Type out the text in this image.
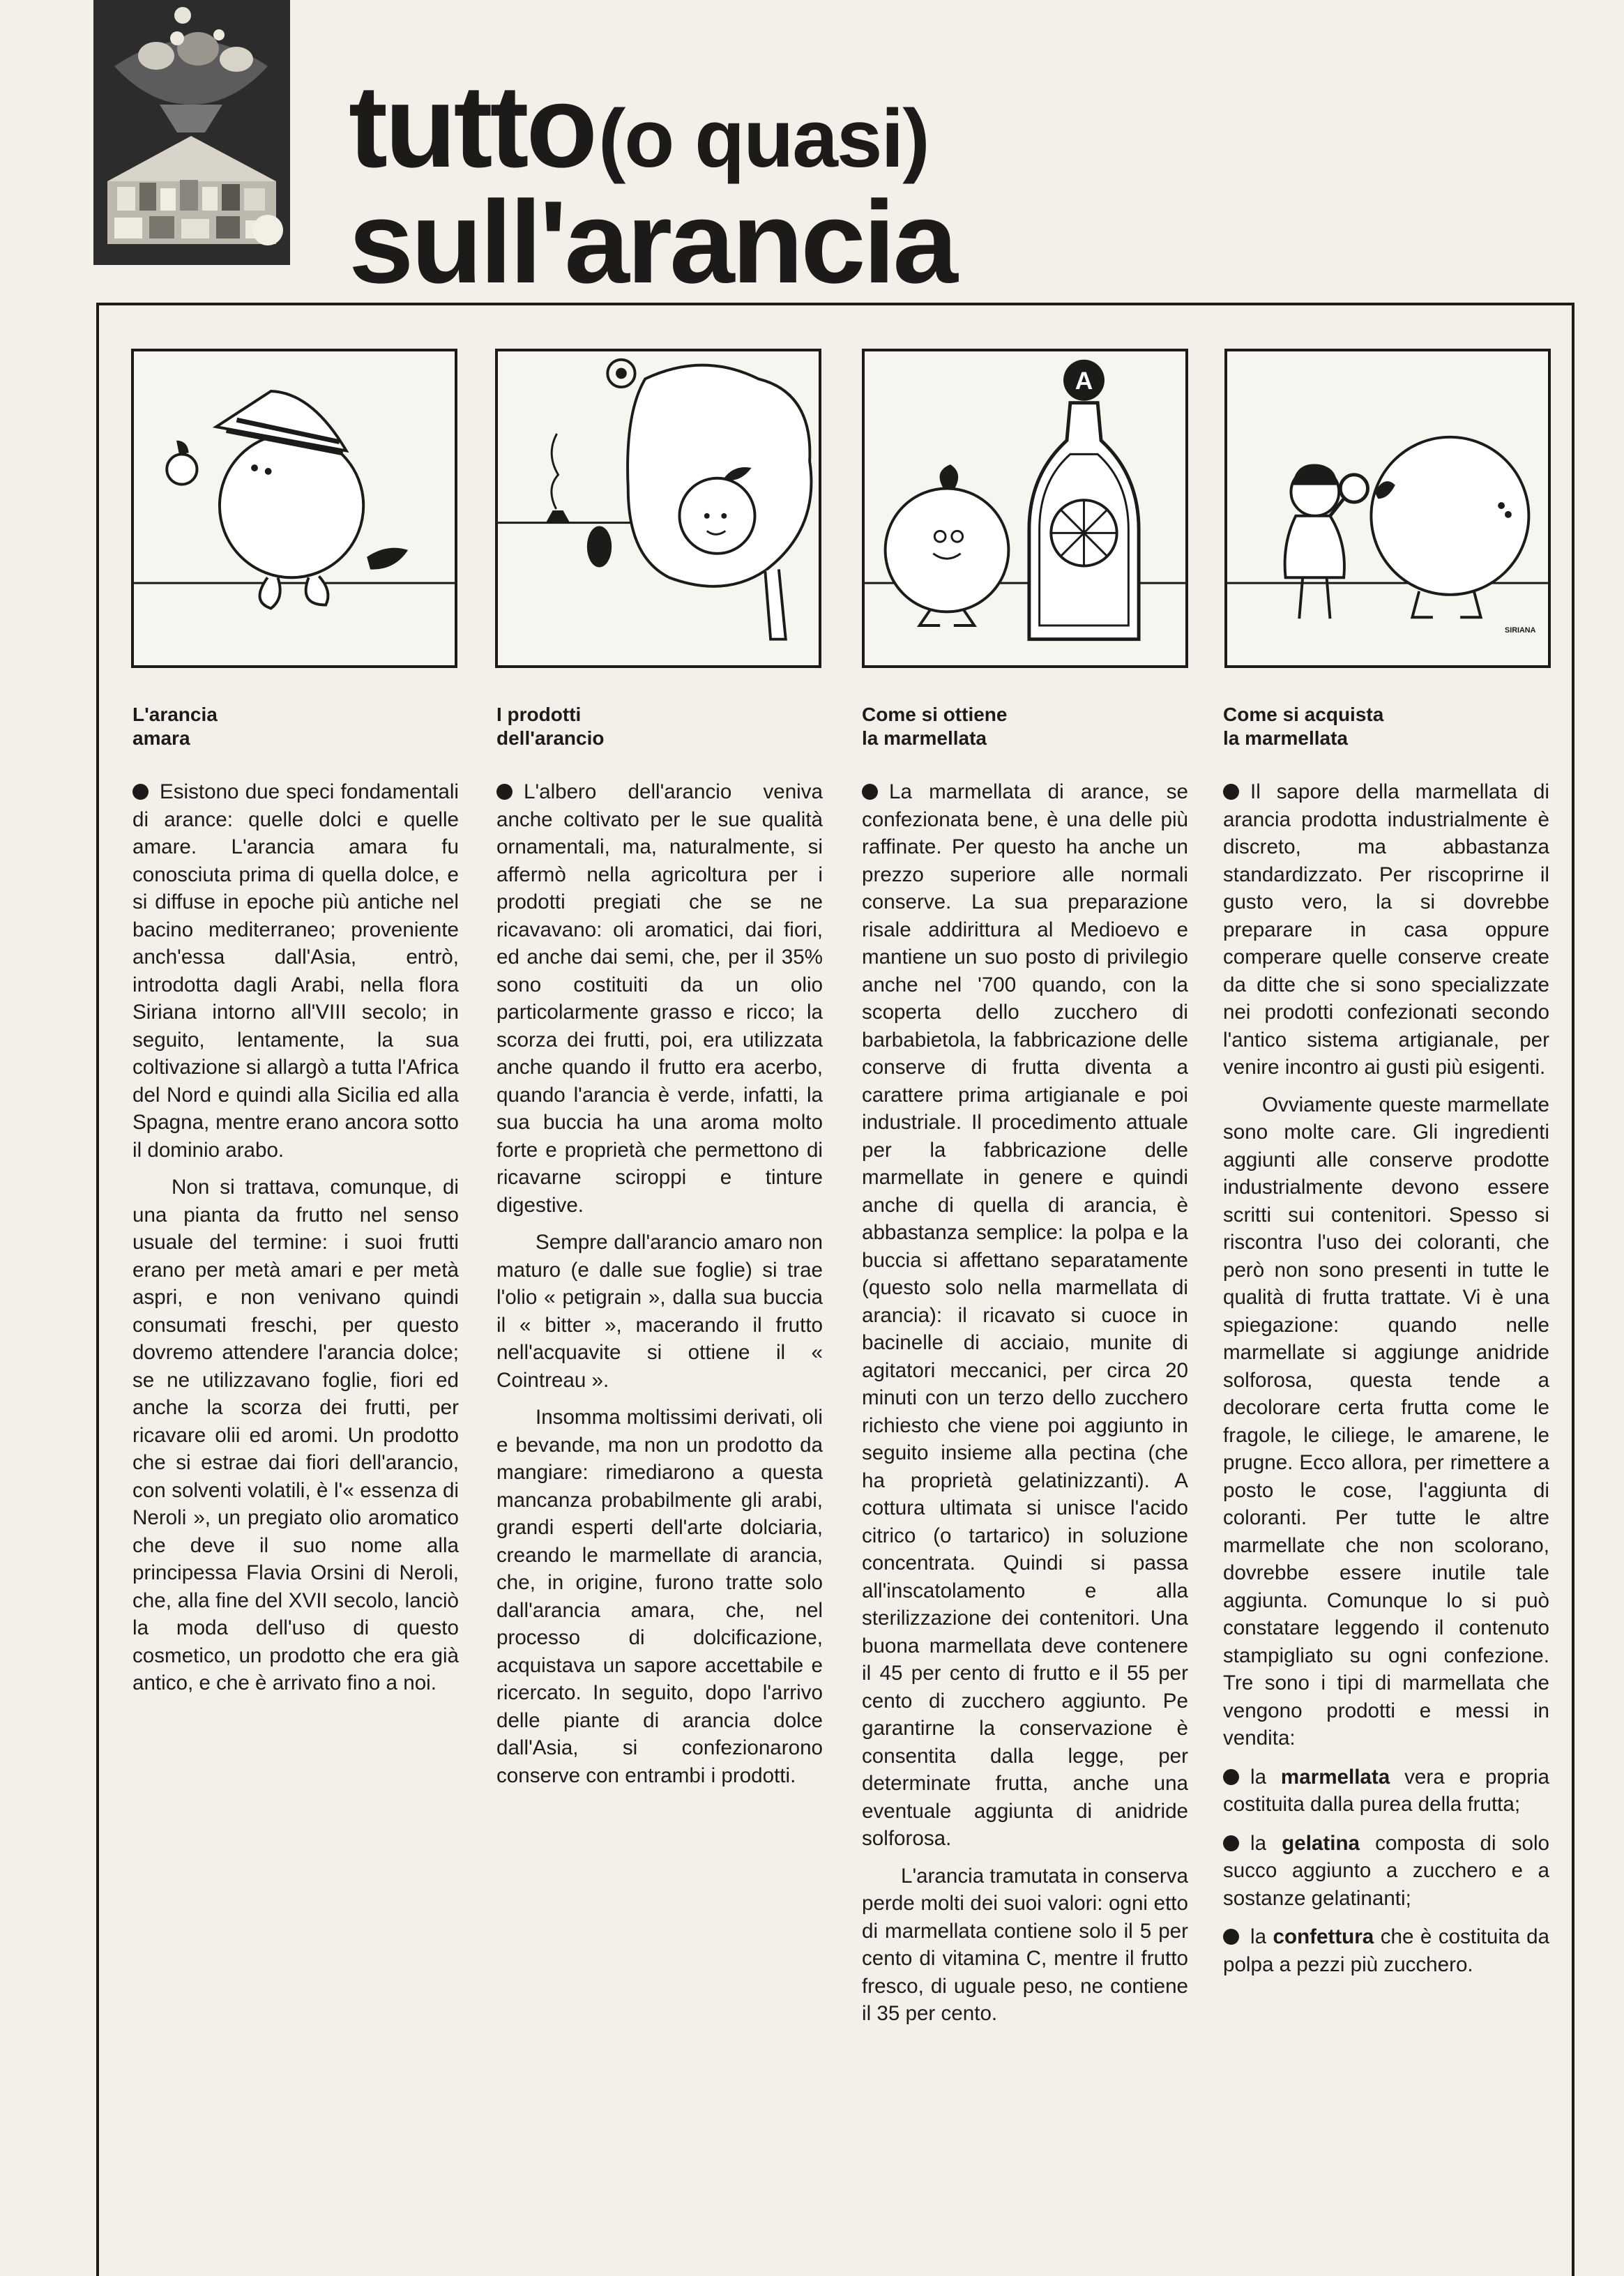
tutto (o quasi)
sull'arancia
A
SIRIANA
L'arancia
amara

Esistono due speci fondamentali di arance: quelle dolci e quelle amare. L'arancia amara fu conosciuta prima di quella dolce, e si diffuse in epoche più antiche nel bacino mediterraneo; proveniente anch'essa dall'Asia, entrò, introdotta dagli Arabi, nella flora Siriana intorno all'VIII secolo; in seguito, lentamente, la sua coltivazione si allargò a tutta l'Africa del Nord e quindi alla Sicilia ed alla Spagna, mentre erano ancora sotto il dominio arabo.

Non si trattava, comunque, di una pianta da frutto nel senso usuale del termine: i suoi frutti erano per metà amari e per metà aspri, e non venivano quindi consumati freschi, per questo dovremo attendere l'arancia dolce; se ne utilizzavano foglie, fiori ed anche la scorza dei frutti, per ricavare olii ed aromi. Un prodotto che si estrae dai fiori dell'arancio, con solventi volatili, è l'« essenza di Neroli », un pregiato olio aromatico che deve il suo nome alla principessa Flavia Orsini di Neroli, che, alla fine del XVII secolo, lanciò la moda dell'uso di questo cosmetico, un prodotto che era già antico, e che è arrivato fino a noi.

I prodotti
dell'arancio

L'albero dell'arancio veniva anche coltivato per le sue qualità ornamentali, ma, naturalmente, si affermò nella agricoltura per i prodotti pregiati che se ne ricavavano: oli aromatici, dai fiori, ed anche dai semi, che, per il 35% sono costituiti da un olio particolarmente grasso e ricco; la scorza dei frutti, poi, era utilizzata anche quando il frutto era acerbo, quando l'arancia è verde, infatti, la sua buccia ha una aroma molto forte e proprietà che permettono di ricavarne sciroppi e tinture digestive.

Sempre dall'arancio amaro non maturo (e dalle sue foglie) si trae l'olio « petigrain », dalla sua buccia il « bitter », macerando il frutto nell'acquavite si ottiene il « Cointreau ».

Insomma moltissimi derivati, oli e bevande, ma non un prodotto da mangiare: rimediarono a questa mancanza probabilmente gli arabi, grandi esperti dell'arte dolciaria, creando le marmellate di arancia, che, in origine, furono tratte solo dall'arancia amara, che, nel processo di dolcificazione, acquistava un sapore accettabile e ricercato. In seguito, dopo l'arrivo delle piante di arancia dolce dall'Asia, si confezionarono conserve con entrambi i prodotti.

Come si ottiene
la marmellata

La marmellata di arance, se confezionata bene, è una delle più raffinate. Per questo ha anche un prezzo superiore alle normali conserve. La sua preparazione risale addirittura al Medioevo e mantiene un suo posto di privilegio anche nel '700 quando, con la scoperta dello zucchero di barbabietola, la fabbricazione delle conserve di frutta diventa a carattere prima artigianale e poi industriale. Il procedimento attuale per la fabbricazione delle marmellate in genere e quindi anche di quella di arancia, è abbastanza semplice: la polpa e la buccia si affettano separatamente (questo solo nella marmellata di arancia): il ricavato si cuoce in bacinelle di acciaio, munite di agitatori meccanici, per circa 20 minuti con un terzo dello zucchero richiesto che viene poi aggiunto in seguito insieme alla pectina (che ha proprietà gelatinizzanti). A cottura ultimata si unisce l'acido citrico (o tartarico) in soluzione concentrata. Quindi si passa all'inscatolamento e alla sterilizzazione dei contenitori. Una buona marmellata deve contenere il 45 per cento di frutto e il 55 per cento di zucchero aggiunto. Pe garantirne la conservazione è consentita dalla legge, per determinate frutta, anche una eventuale aggiunta di anidride solforosa.

L'arancia tramutata in conserva perde molti dei suoi valori: ogni etto di marmellata contiene solo il 5 per cento di vitamina C, mentre il frutto fresco, di uguale peso, ne contiene il 35 per cento.

Come si acquista
la marmellata

Il sapore della marmellata di arancia prodotta industrialmente è discreto, ma abbastanza standardizzato. Per riscoprirne il gusto vero, la si dovrebbe preparare in casa oppure comperare quelle conserve create da ditte che si sono specializzate nei prodotti confezionati secondo l'antico sistema artigianale, per venire incontro ai gusti più esigenti.

Ovviamente queste marmellate sono molte care. Gli ingredienti aggiunti alle conserve prodotte industrialmente devono essere scritti sui contenitori. Spesso si riscontra l'uso dei coloranti, che però non sono presenti in tutte le qualità di frutta trattate. Vi è una spiegazione: quando nelle marmellate si aggiunge anidride solforosa, questa tende a decolorare certa frutta come le fragole, le ciliege, le amarene, le prugne. Ecco allora, per rimettere a posto le cose, l'aggiunta di coloranti. Per tutte le altre marmellate che non scolorano, dovrebbe essere inutile tale aggiunta. Comunque lo si può constatare leggendo il contenuto stampigliato su ogni confezione. Tre sono i tipi di marmellata che vengono prodotti e messi in vendita:

la marmellata vera e propria costituita dalla purea della frutta;

la gelatina composta di solo succo aggiunto a zucchero e a sostanze gelatinanti;

la confettura che è costituita da polpa a pezzi più zucchero.
